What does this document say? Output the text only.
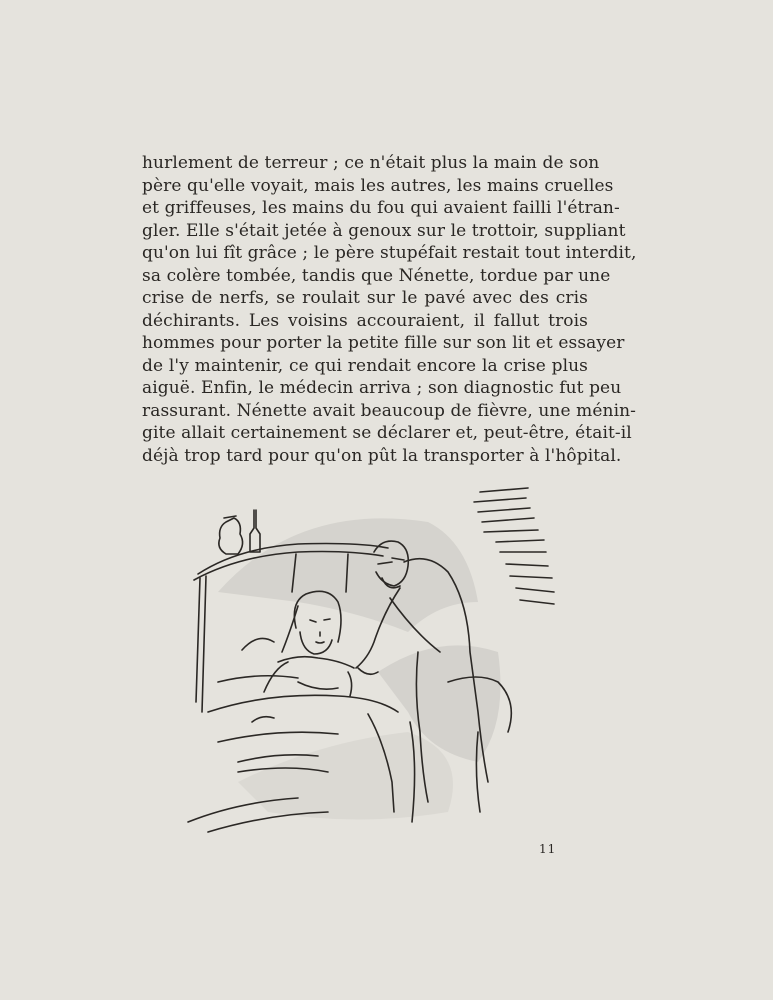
hurlement de terreur ; ce n'était plus la main de son
père qu'elle voyait, mais les autres, les mains cruelles
et griffeuses, les mains du fou qui avaient failli l'étran-
gler. Elle s'était jetée à genoux sur le trottoir, suppliant
qu'on lui fît grâce ; le père stupéfait restait tout interdit,
sa colère tombée, tandis que Nénette, tordue par une
crise de nerfs, se roulait sur le pavé avec des cris
déchirants. Les voisins accouraient, il fallut trois
hommes pour porter la petite fille sur son lit et essayer
de l'y maintenir, ce qui rendait encore la crise plus
aiguë. Enfin, le médecin arriva ; son diagnostic fut peu
rassurant. Nénette avait beaucoup de fièvre, une ménin-
gite allait certainement se déclarer et, peut-être, était-il
déjà trop tard pour qu'on pût la transporter à l'hôpital.
11
